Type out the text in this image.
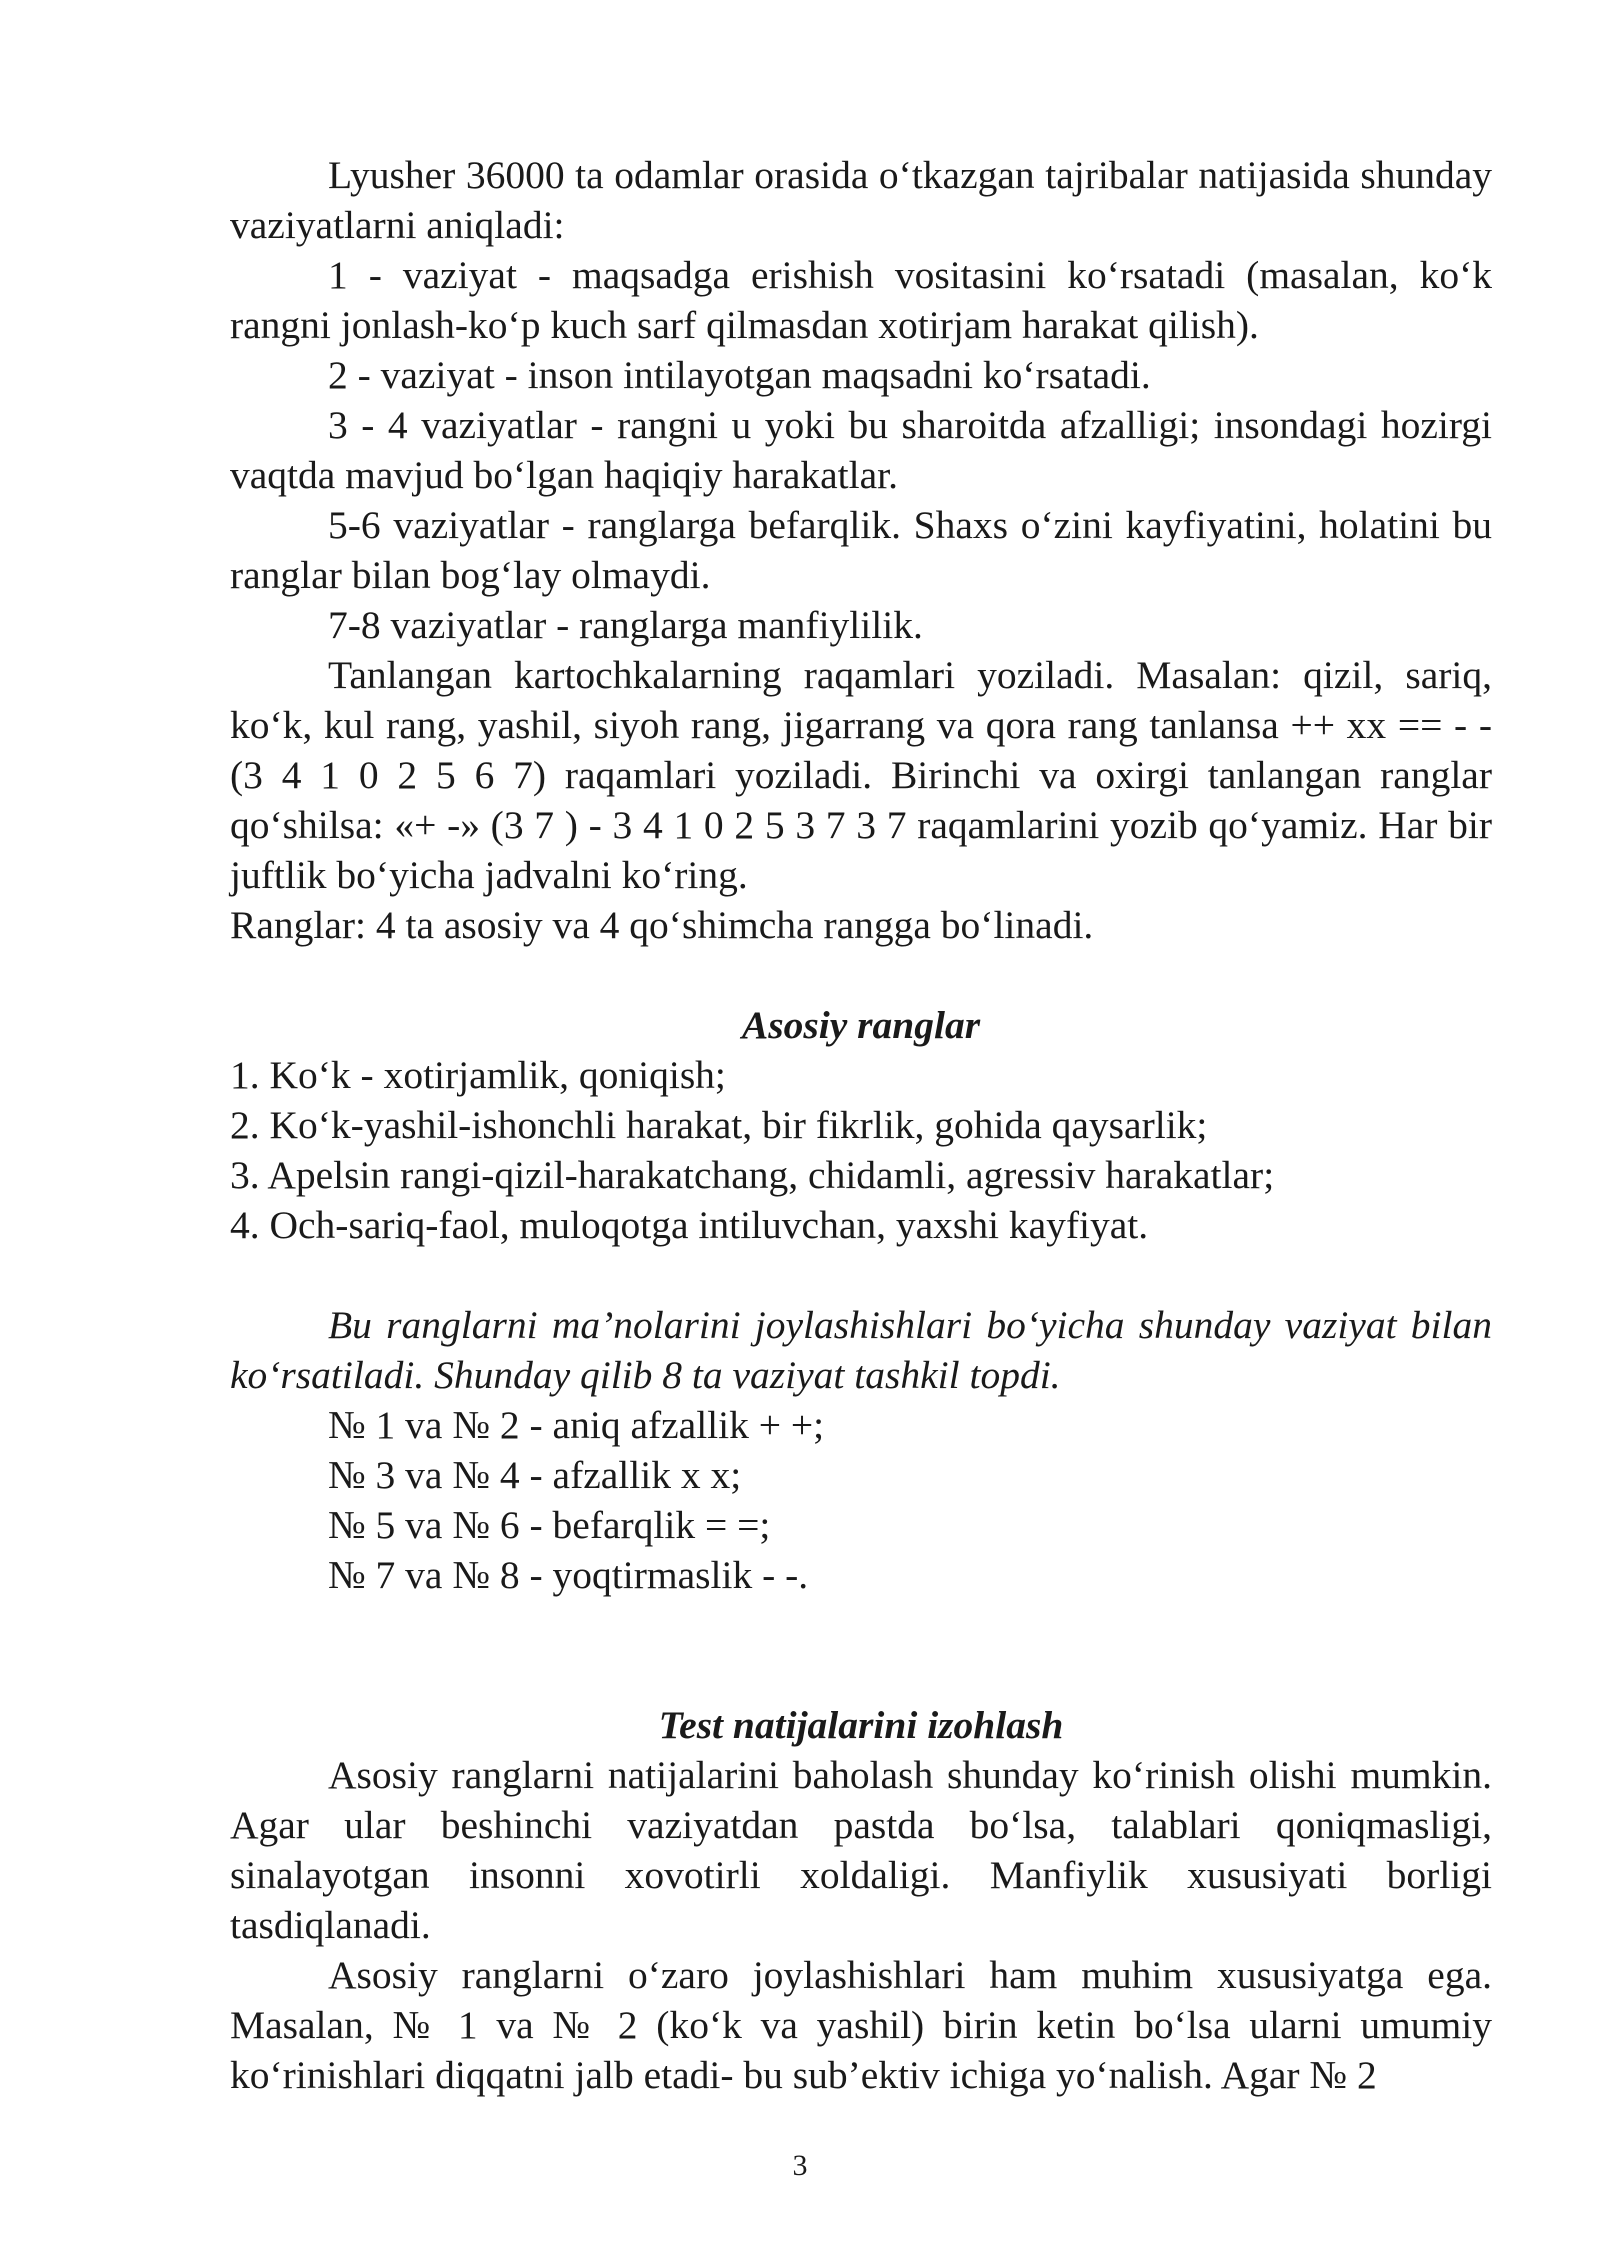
Lyusher 36000 ta odamlar orasida o‘tkazgan tajribalar natijasida shunday vaziyatlarni aniqladi:

1 - vaziyat - maqsadga erishish vositasini ko‘rsatadi (masalan, ko‘k rangni jonlash-ko‘p kuch sarf qilmasdan xotirjam harakat qilish).

2 - vaziyat - inson intilayotgan maqsadni ko‘rsatadi.

3 - 4 vaziyatlar - rangni u yoki bu sharoitda afzalligi; insondagi hozirgi vaqtda mavjud bo‘lgan haqiqiy harakatlar.

5-6 vaziyatlar - ranglarga befarqlik. Shaxs o‘zini kayfiyatini, holatini bu ranglar bilan bog‘lay olmaydi.

7-8 vaziyatlar - ranglarga manfiylilik.

Tanlangan kartochkalarning raqamlari yoziladi. Masalan: qizil, sariq, ko‘k, kul rang, yashil, siyoh rang, jigarrang va qora rang tanlansa ++ xx == - - (3 4 1 0 2 5 6 7) raqamlari yoziladi. Birinchi va oxirgi tanlangan ranglar qo‘shilsa: «+ -» (3 7 ) - 3 4 1 0 2 5 3 7 3 7 raqamlarini yozib qo‘yamiz. Har bir juftlik bo‘yicha jadvalni ko‘ring.

Ranglar: 4 ta asosiy va 4 qo‘shimcha rangga bo‘linadi.

Asosiy ranglar

1. Ko‘k - xotirjamlik, qoniqish;
2. Ko‘k-yashil-ishonchli harakat, bir fikrlik, gohida qaysarlik;
3. Apelsin rangi-qizil-harakatchang, chidamli, agressiv harakatlar;
4. Och-sariq-faol, muloqotga intiluvchan, yaxshi kayfiyat.

Bu ranglarni ma’nolarini joylashishlari bo‘yicha shunday vaziyat bilan ko‘rsatiladi. Shunday qilib 8 ta vaziyat tashkil topdi.

№ 1 va № 2 - aniq afzallik + +;
№ 3 va № 4 - afzallik x x;
№ 5 va № 6 - befarqlik = =;
№ 7 va № 8 - yoqtirmaslik - -.

Test natijalarini izohlash

Asosiy ranglarni natijalarini baholash shunday ko‘rinish olishi mumkin. Agar ular beshinchi vaziyatdan pastda bo‘lsa, talablari qoniqmasligi, sinalayotgan insonni xovotirli xoldaligi. Manfiylik xususiyati borligi tasdiqlanadi.

Asosiy ranglarni o‘zaro joylashishlari ham muhim xususiyatga ega. Masalan, № 1 va № 2 (ko‘k va yashil) birin ketin bo‘lsa ularni umumiy ko‘rinishlari diqqatni jalb etadi- bu sub’ektiv ichiga yo‘nalish. Agar № 2

3
